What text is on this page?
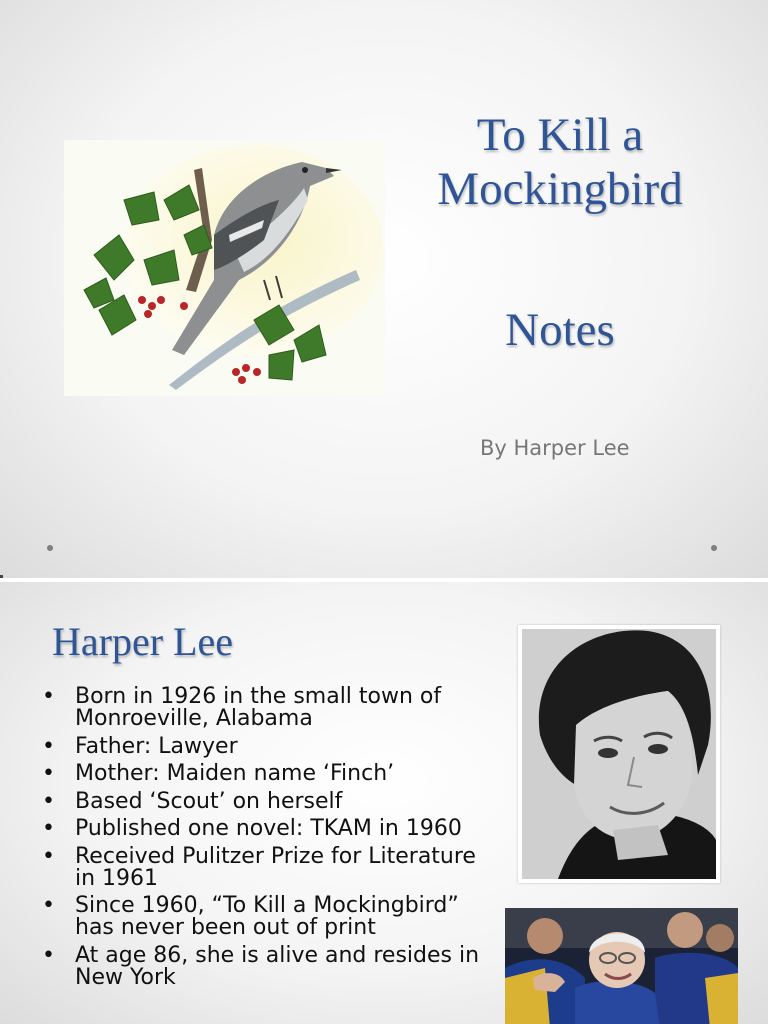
To Kill a
Mockingbird
Notes
By Harper Lee
Harper Lee
• Born in 1926 in the small town of Monroeville, Alabama
• Father: Lawyer
• Mother: Maiden name ‘Finch’
• Based ‘Scout’ on herself
• Published one novel: TKAM in 1960
• Received Pulitzer Prize for Literature in 1961
• Since 1960, “To Kill a Mockingbird” has never been out of print
• At age 86, she is alive and resides in New York
